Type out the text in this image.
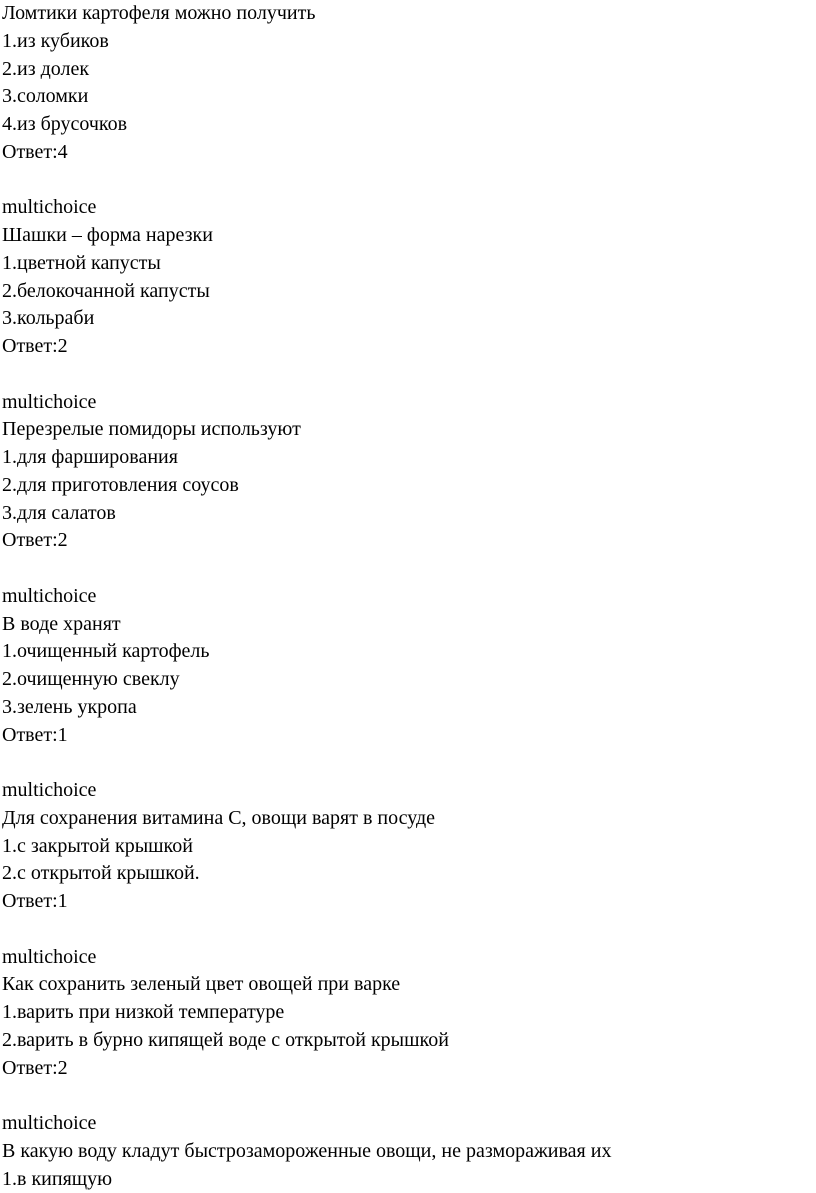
Ломтики картофеля можно получить
1.из кубиков
2.из долек
3.соломки
4.из брусочков
Ответ:4
multichoice
Шашки – форма нарезки
1.цветной капусты
2.белокочанной капусты
3.кольраби
Ответ:2
multichoice
Перезрелые помидоры используют
1.для фарширования
2.для приготовления соусов
3.для салатов
Ответ:2
multichoice
В воде хранят
1.очищенный картофель
2.очищенную свеклу
3.зелень укропа
Ответ:1
multichoice
Для сохранения витамина С, овощи варят в посуде
1.с закрытой крышкой
2.с открытой крышкой.
Ответ:1
multichoice
Как сохранить зеленый цвет овощей при варке
1.варить при низкой температуре
2.варить в бурно кипящей воде с открытой крышкой
Ответ:2
multichoice
В какую воду кладут быстрозамороженные овощи, не размораживая их
1.в кипящую
